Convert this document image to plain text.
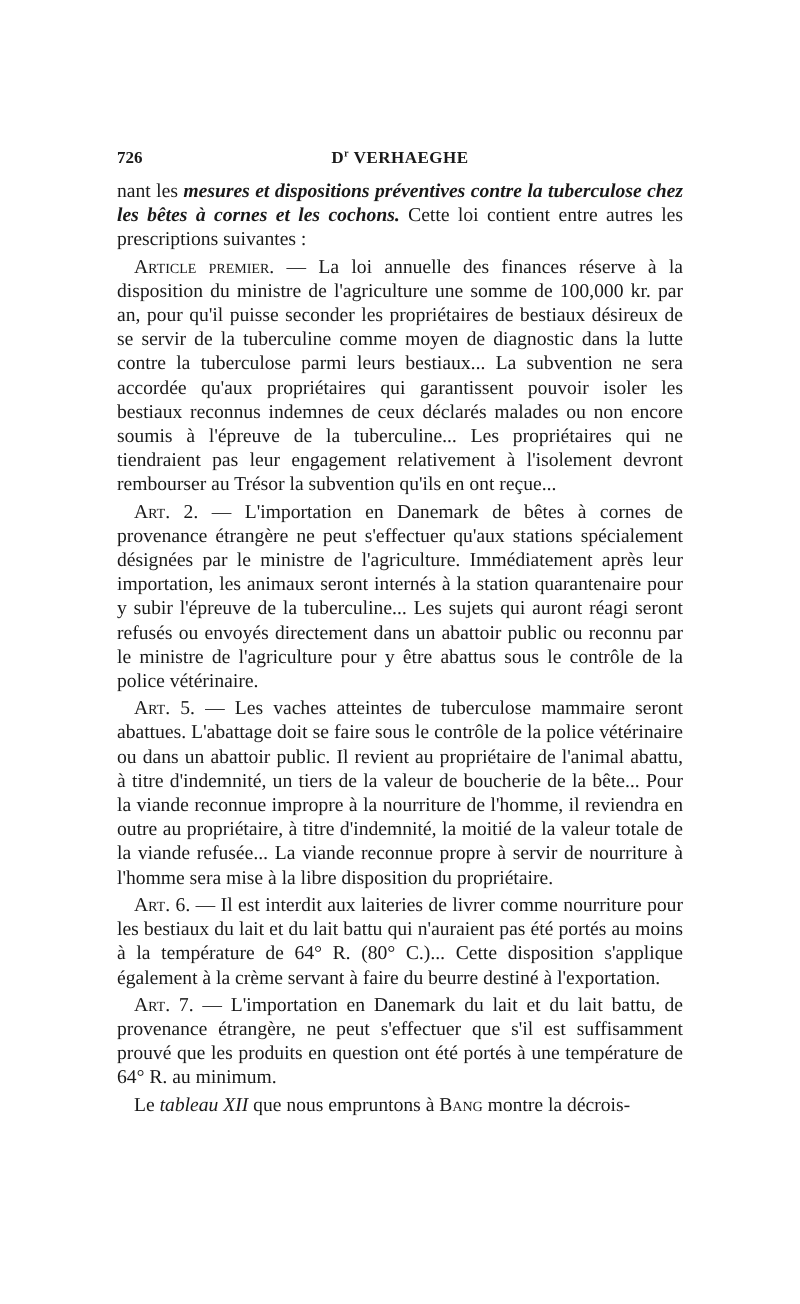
726	$D^r$ VERHAEGHE

nant les mesures et dispositions préventives contre la tuberculose chez les bêtes à cornes et les cochons. Cette loi contient entre autres les prescriptions suivantes :

Article premier. — La loi annuelle des finances réserve à la disposition du ministre de l'agriculture une somme de 100,000 kr. par an, pour qu'il puisse seconder les propriétaires de bestiaux désireux de se servir de la tuberculine comme moyen de diagnostic dans la lutte contre la tuberculose parmi leurs bestiaux... La subvention ne sera accordée qu'aux propriétaires qui garantissent pouvoir isoler les bestiaux reconnus indemnes de ceux déclarés malades ou non encore soumis à l'épreuve de la tuberculine... Les propriétaires qui ne tiendraient pas leur engagement relativement à l'isolement devront rembourser au Trésor la subvention qu'ils en ont reçue...

Art. 2. — L'importation en Danemark de bêtes à cornes de provenance étrangère ne peut s'effectuer qu'aux stations spécialement désignées par le ministre de l'agriculture. Immédiatement après leur importation, les animaux seront internés à la station quarantenaire pour y subir l'épreuve de la tuberculine... Les sujets qui auront réagi seront refusés ou envoyés directement dans un abattoir public ou reconnu par le ministre de l'agriculture pour y être abattus sous le contrôle de la police vétérinaire.

Art. 5. — Les vaches atteintes de tuberculose mammaire seront abattues. L'abattage doit se faire sous le contrôle de la police vétérinaire ou dans un abattoir public. Il revient au propriétaire de l'animal abattu, à titre d'indemnité, un tiers de la valeur de boucherie de la bête... Pour la viande reconnue impropre à la nourriture de l'homme, il reviendra en outre au propriétaire, à titre d'indemnité, la moitié de la valeur totale de la viande refusée... La viande reconnue propre à servir de nourriture à l'homme sera mise à la libre disposition du propriétaire.

Art. 6. — Il est interdit aux laiteries de livrer comme nourriture pour les bestiaux du lait et du lait battu qui n'auraient pas été portés au moins à la température de 64° R. (80° C.)... Cette disposition s'applique également à la crème servant à faire du beurre destiné à l'exportation.

Art. 7. — L'importation en Danemark du lait et du lait battu, de provenance étrangère, ne peut s'effectuer que s'il est suffisamment prouvé que les produits en question ont été portés à une température de 64° R. au minimum.

Le tableau XII que nous empruntons à Bang montre la décrois-
